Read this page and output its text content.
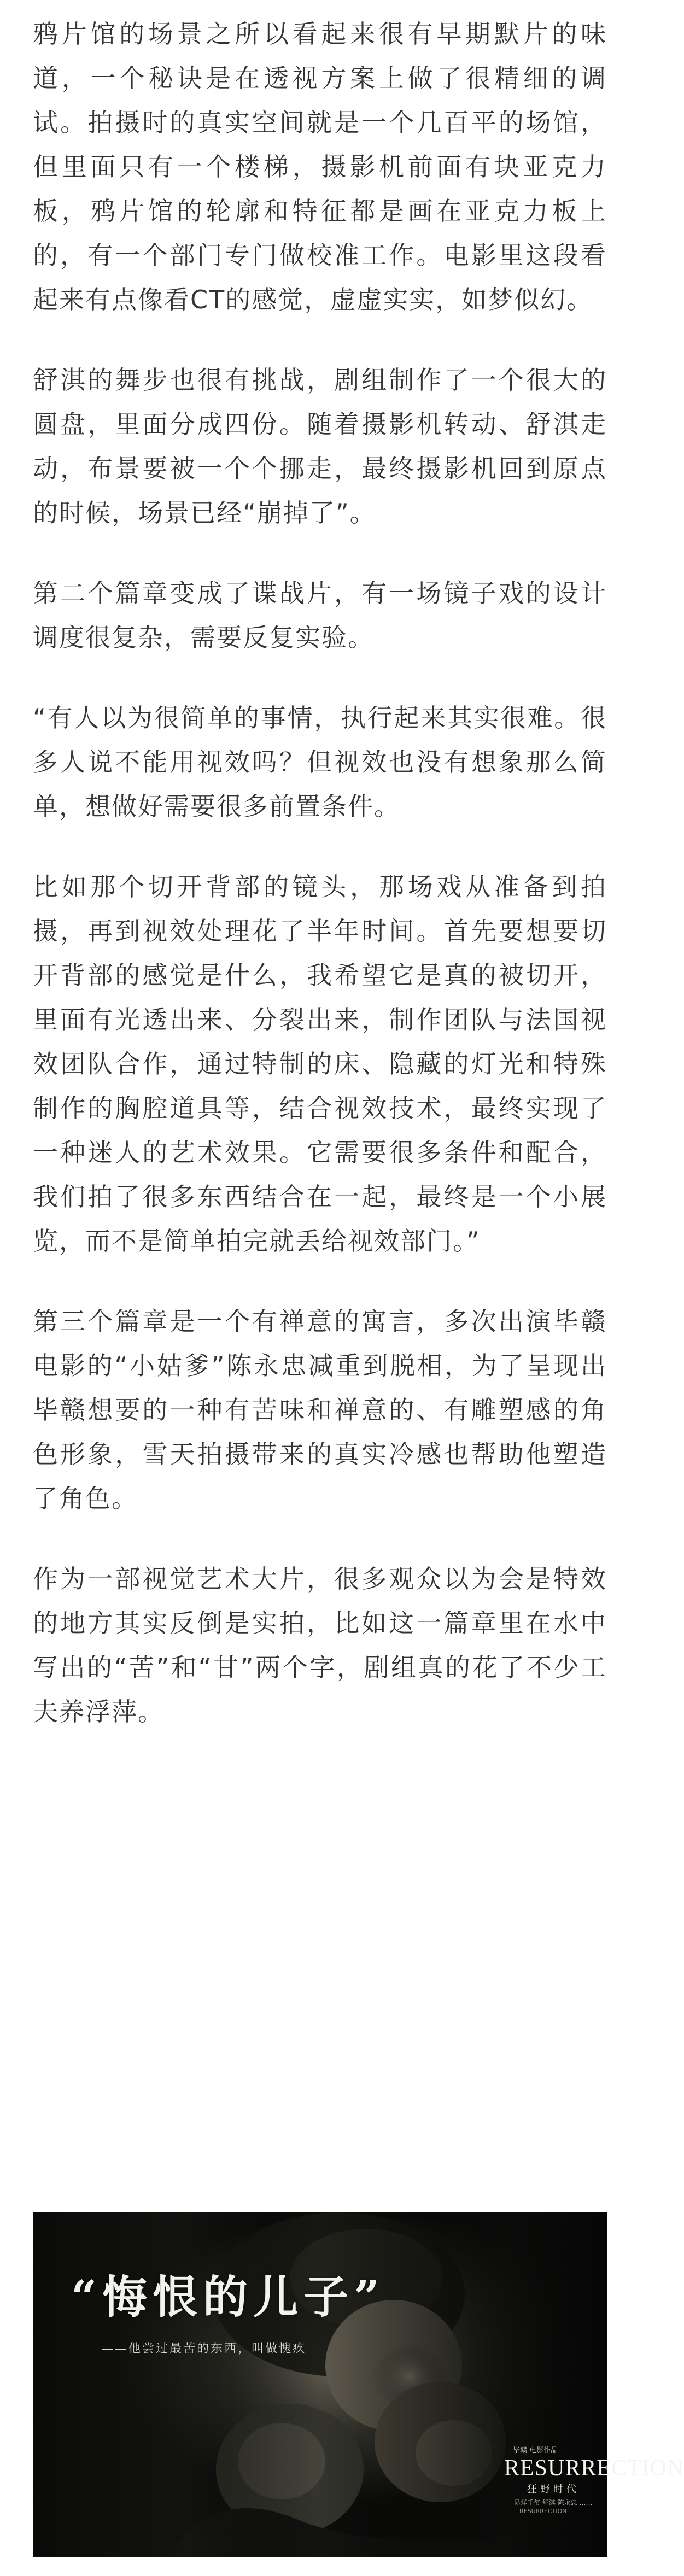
鸦片馆的场景之所以看起来很有早期默片的味道，一个秘诀是在透视方案上做了很精细的调试。拍摄时的真实空间就是一个几百平的场馆，但里面只有一个楼梯，摄影机前面有块亚克力板，鸦片馆的轮廓和特征都是画在亚克力板上的，有一个部门专门做校准工作。电影里这段看起来有点像看CT的感觉，虚虚实实，如梦似幻。

舒淇的舞步也很有挑战，剧组制作了一个很大的圆盘，里面分成四份。随着摄影机转动、舒淇走动，布景要被一个个挪走，最终摄影机回到原点的时候，场景已经“崩掉了”。

第二个篇章变成了谍战片，有一场镜子戏的设计调度很复杂，需要反复实验。

“有人以为很简单的事情，执行起来其实很难。很多人说不能用视效吗？但视效也没有想象那么简单，想做好需要很多前置条件。

比如那个切开背部的镜头，那场戏从准备到拍摄，再到视效处理花了半年时间。首先要想要切开背部的感觉是什么，我希望它是真的被切开，里面有光透出来、分裂出来，制作团队与法国视效团队合作，通过特制的床、隐藏的灯光和特殊制作的胸腔道具等，结合视效技术，最终实现了一种迷人的艺术效果。它需要很多条件和配合，我们拍了很多东西结合在一起，最终是一个小展览，而不是简单拍完就丢给视效部门。”

第三个篇章是一个有禅意的寓言，多次出演毕赣电影的“小姑爹”陈永忠减重到脱相，为了呈现出毕赣想要的一种有苦味和禅意的、有雕塑感的角色形象，雪天拍摄带来的真实冷感也帮助他塑造了角色。

作为一部视觉艺术大片，很多观众以为会是特效的地方其实反倒是实拍，比如这一篇章里在水中写出的“苦”和“甘”两个字，剧组真的花了不少工夫养浮萍。

“悔恨的儿子”
——他尝过最苦的东西，叫做愧疚
毕赣 电影作品
RESURRECTION
狂野时代
易烊千玺 舒淇 陈永忠 ……
RESURRECTION
